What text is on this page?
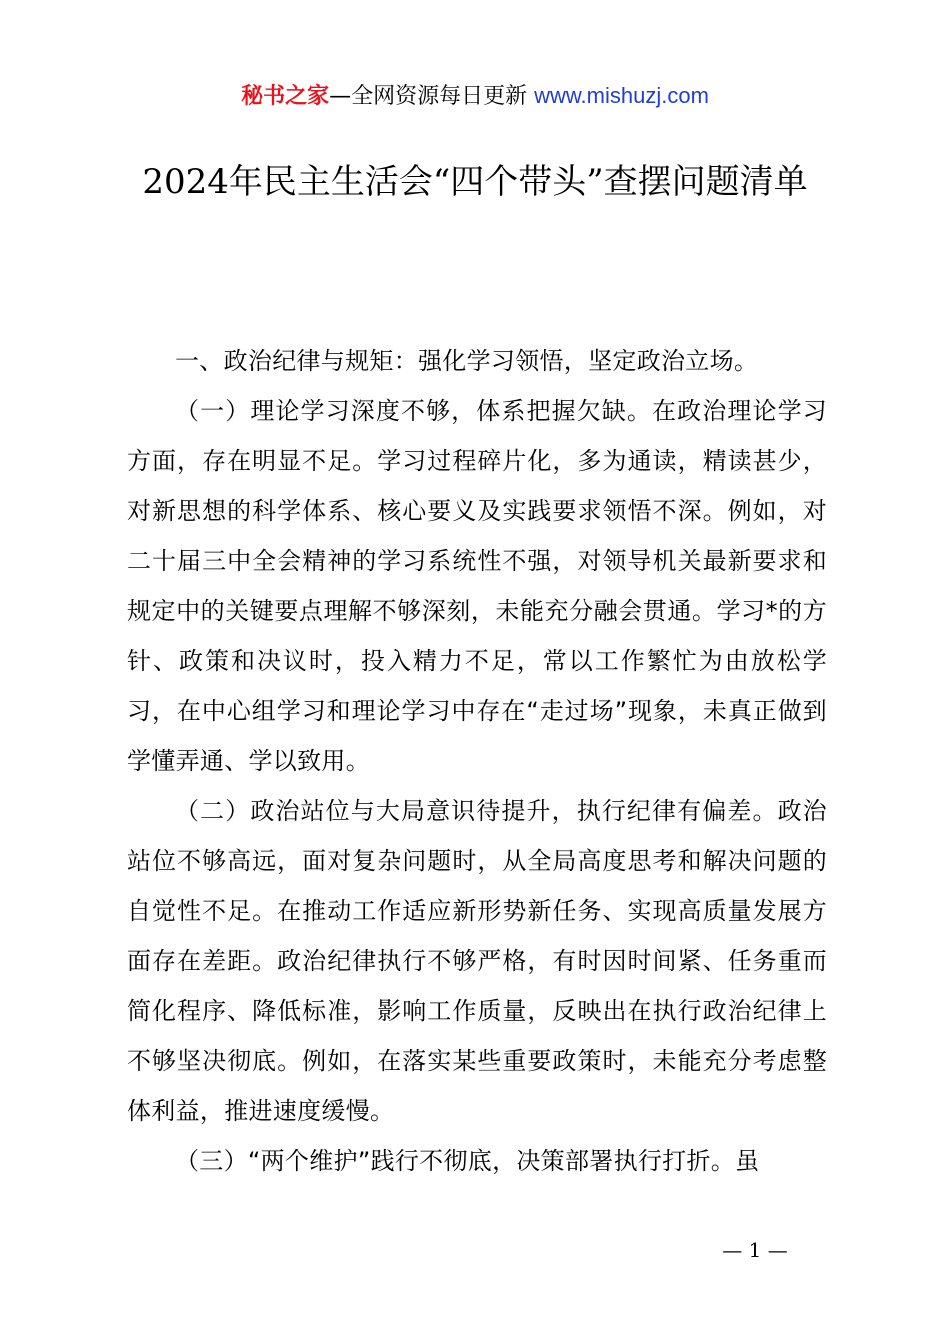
秘书之家—全网资源每日更新 www.mishuzj.com
2024年民主生活会“四个带头”查摆问题清单

一、政治纪律与规矩：强化学习领悟，坚定政治立场。

（一）理论学习深度不够，体系把握欠缺。在政治理论学习方面，存在明显不足。学习过程碎片化，多为通读，精读甚少，对新思想的科学体系、核心要义及实践要求领悟不深。例如，对二十届三中全会精神的学习系统性不强，对领导机关最新要求和规定中的关键要点理解不够深刻，未能充分融会贯通。学习*的方针、政策和决议时，投入精力不足，常以工作繁忙为由放松学习，在中心组学习和理论学习中存在“走过场”现象，未真正做到学懂弄通、学以致用。

（二）政治站位与大局意识待提升，执行纪律有偏差。政治站位不够高远，面对复杂问题时，从全局高度思考和解决问题的自觉性不足。在推动工作适应新形势新任务、实现高质量发展方面存在差距。政治纪律执行不够严格，有时因时间紧、任务重而简化程序、降低标准，影响工作质量，反映出在执行政治纪律上不够坚决彻底。例如，在落实某些重要政策时，未能充分考虑整体利益，推进速度缓慢。

（三）“两个维护”践行不彻底，决策部署执行打折。虽

— 1 —
